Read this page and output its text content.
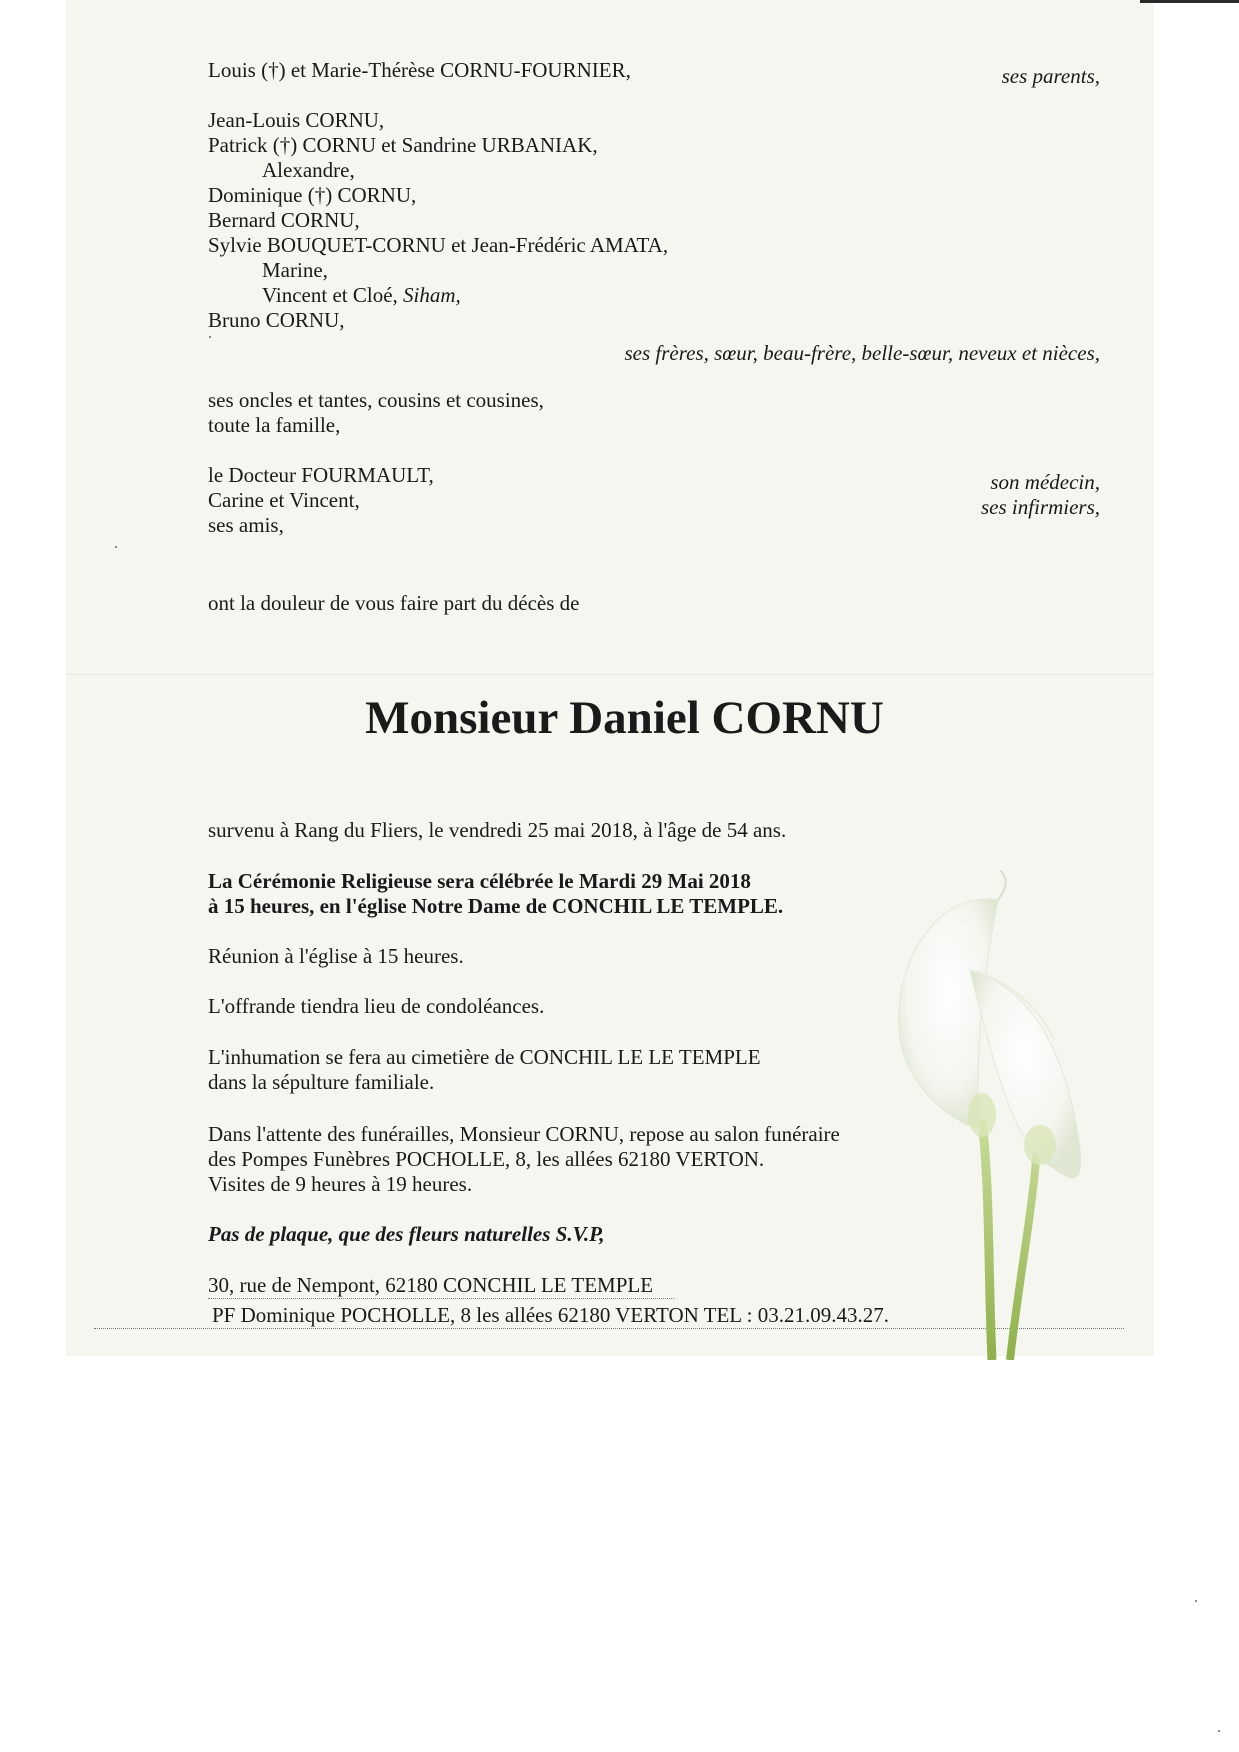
Louis (†) et Marie-Thérèse CORNU-FOURNIER,	ses parents,
Jean-Louis CORNU,
Patrick (†) CORNU et Sandrine URBANIAK,
Alexandre,
Dominique (†) CORNU,
Bernard CORNU,
Sylvie BOUQUET-CORNU et Jean-Frédéric AMATA,
Marine,
Vincent et Cloé, Siham,
Bruno CORNU,
ses frères, sœur, beau-frère, belle-sœur, neveux et nièces,
ses oncles et tantes, cousins et cousines,
toute la famille,
le Docteur FOURMAULT,
Carine et Vincent,
ses amis,
son médecin,
ses infirmiers,
ont la douleur de vous faire part du décès de
Monsieur Daniel CORNU
survenu à Rang du Fliers, le vendredi 25 mai 2018, à l'âge de 54 ans.
La Cérémonie Religieuse sera célébrée le Mardi 29 Mai 2018
à 15 heures, en l'église Notre Dame de CONCHIL LE TEMPLE.
Réunion à l'église à 15 heures.
L'offrande tiendra lieu de condoléances.
L'inhumation se fera au cimetière de CONCHIL LE LE TEMPLE
dans la sépulture familiale.
Dans l'attente des funérailles, Monsieur CORNU, repose au salon funéraire
des Pompes Funèbres POCHOLLE, 8, les allées 62180 VERTON.
Visites de 9 heures à 19 heures.
Pas de plaque, que des fleurs naturelles S.V.P,
30, rue de Nempont, 62180 CONCHIL LE TEMPLE
PF Dominique POCHOLLE, 8 les allées 62180 VERTON TEL : 03.21.09.43.27.
